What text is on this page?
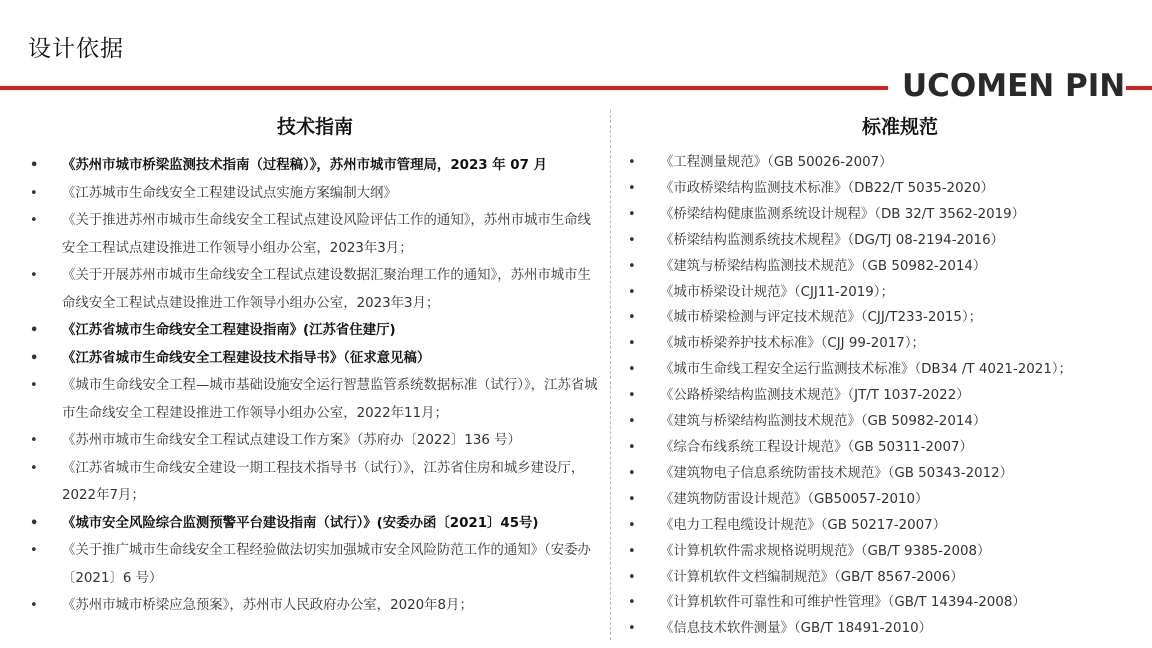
设计依据
UCOMEN PIN
技术指南	标准规范
• 《苏州市城市桥梁监测技术指南（过程稿）》，苏州市城市管理局，2023 年 07 月
• 《江苏城市生命线安全工程建设试点实施方案编制大纲》
• 《关于推进苏州市城市生命线安全工程试点建设风险评估工作的通知》，苏州市城市生命线安全工程试点建设推进工作领导小组办公室，2023年3月；
• 《关于开展苏州市城市生命线安全工程试点建设数据汇聚治理工作的通知》，苏州市城市生命线安全工程试点建设推进工作领导小组办公室，2023年3月；
• 《江苏省城市生命线安全工程建设指南》(江苏省住建厅)
• 《江苏省城市生命线安全工程建设技术指导书》（征求意见稿）
• 《城市生命线安全工程—城市基础设施安全运行智慧监管系统数据标准（试行）》，江苏省城市生命线安全工程建设推进工作领导小组办公室，2022年11月；
• 《苏州市城市生命线安全工程试点建设工作方案》（苏府办〔2022〕136 号）
• 《江苏省城市生命线安全建设一期工程技术指导书（试行）》，江苏省住房和城乡建设厅，2022年7月；
• 《城市安全风险综合监测预警平台建设指南（试行）》(安委办函〔2021〕45号)
• 《关于推广城市生命线安全工程经验做法切实加强城市安全风险防范工作的通知》（安委办〔2021〕6 号）
• 《苏州市城市桥梁应急预案》，苏州市人民政府办公室，2020年8月；
• 《工程测量规范》（GB 50026-2007）
• 《市政桥梁结构监测技术标准》（DB22/T 5035-2020）
• 《桥梁结构健康监测系统设计规程》（DB 32/T 3562-2019）
• 《桥梁结构监测系统技术规程》（DG/TJ 08-2194-2016）
• 《建筑与桥梁结构监测技术规范》（GB 50982-2014）
• 《城市桥梁设计规范》（CJJ11-2019）；
• 《城市桥梁检测与评定技术规范》（CJJ/T233-2015）；
• 《城市桥梁养护技术标准》（CJJ 99-2017）；
• 《城市生命线工程安全运行监测技术标准》（DB34 /T 4021-2021）；
• 《公路桥梁结构监测技术规范》（JT/T 1037-2022）
• 《建筑与桥梁结构监测技术规范》（GB 50982-2014）
• 《综合布线系统工程设计规范》（GB 50311-2007）
• 《建筑物电子信息系统防雷技术规范》（GB 50343-2012）
• 《建筑物防雷设计规范》（GB50057-2010）
• 《电力工程电缆设计规范》（GB 50217-2007）
• 《计算机软件需求规格说明规范》（GB/T 9385-2008）
• 《计算机软件文档编制规范》（GB/T 8567-2006）
• 《计算机软件可靠性和可维护性管理》（GB/T 14394-2008）
• 《信息技术软件测量》（GB/T 18491-2010）
